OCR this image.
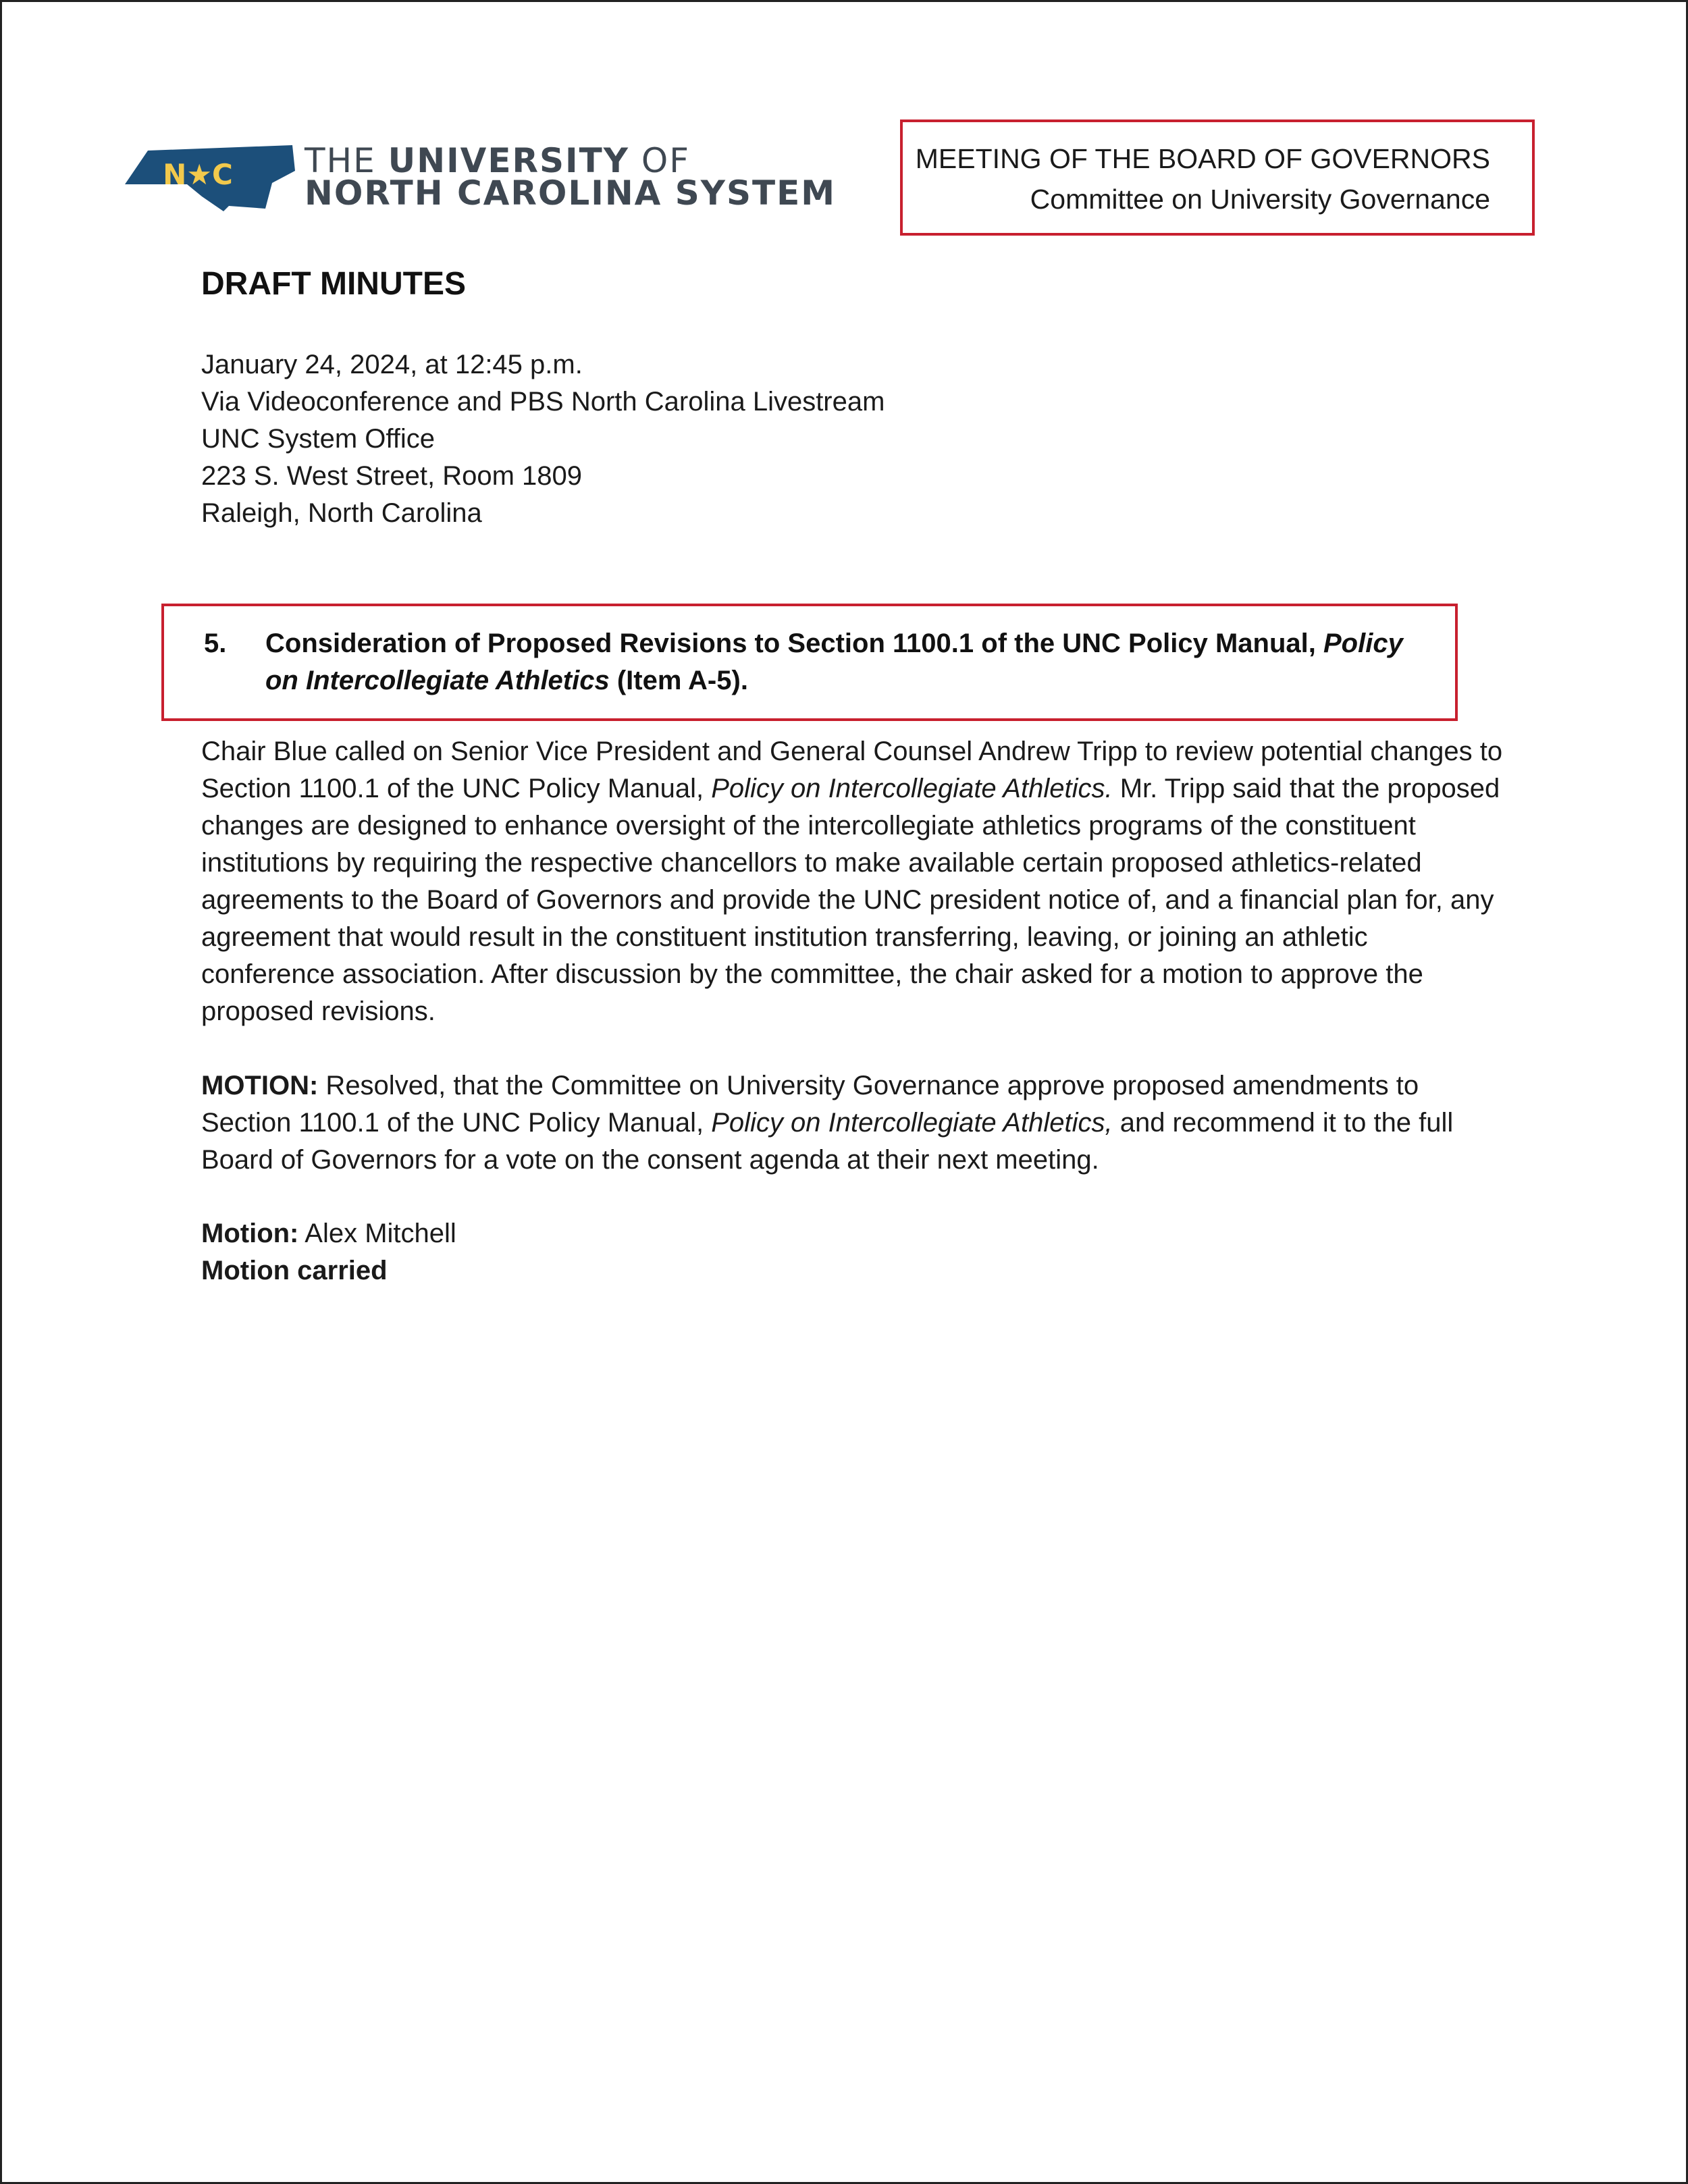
N★C THE UNIVERSITY OF
NORTH CAROLINA SYSTEM
MEETING OF THE BOARD OF GOVERNORS
Committee on University Governance
DRAFT MINUTES
January 24, 2024, at 12:45 p.m.
Via Videoconference and PBS North Carolina Livestream
UNC System Office
223 S. West Street, Room 1809
Raleigh, North Carolina
5. Consideration of Proposed Revisions to Section 1100.1 of the UNC Policy Manual, Policy on Intercollegiate Athletics (Item A-5).
Chair Blue called on Senior Vice President and General Counsel Andrew Tripp to review potential changes to Section 1100.1 of the UNC Policy Manual, Policy on Intercollegiate Athletics. Mr. Tripp said that the proposed changes are designed to enhance oversight of the intercollegiate athletics programs of the constituent institutions by requiring the respective chancellors to make available certain proposed athletics-related agreements to the Board of Governors and provide the UNC president notice of, and a financial plan for, any agreement that would result in the constituent institution transferring, leaving, or joining an athletic conference association. After discussion by the committee, the chair asked for a motion to approve the proposed revisions.
MOTION: Resolved, that the Committee on University Governance approve proposed amendments to Section 1100.1 of the UNC Policy Manual, Policy on Intercollegiate Athletics, and recommend it to the full Board of Governors for a vote on the consent agenda at their next meeting.
Motion: Alex Mitchell
Motion carried
